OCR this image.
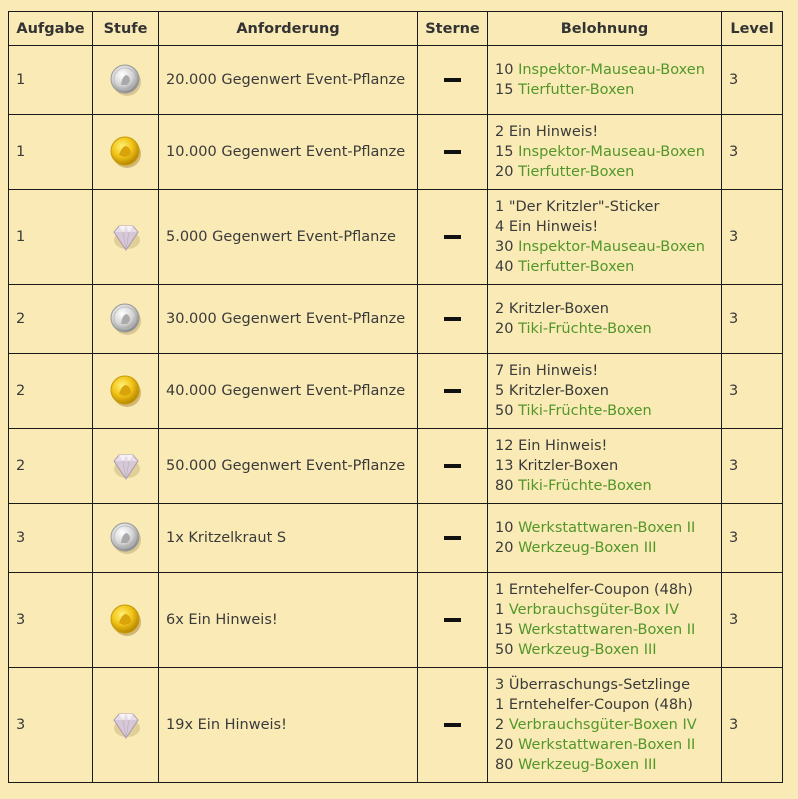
Aufgabe	Stufe	Anforderung	Sterne	Belohnung	Level
1		20.000 Gegenwert Event-Pflanze		10 Inspektor-Mauseau-Boxen
15 Tierfutter-Boxen	3
1		10.000 Gegenwert Event-Pflanze		2 Ein Hinweis!
15 Inspektor-Mauseau-Boxen
20 Tierfutter-Boxen	3
1		5.000 Gegenwert Event-Pflanze		1 "Der Kritzler"-Sticker
4 Ein Hinweis!
30 Inspektor-Mauseau-Boxen
40 Tierfutter-Boxen	3
2		30.000 Gegenwert Event-Pflanze		2 Kritzler-Boxen
20 Tiki-Früchte-Boxen	3
2		40.000 Gegenwert Event-Pflanze		7 Ein Hinweis!
5 Kritzler-Boxen
50 Tiki-Früchte-Boxen	3
2		50.000 Gegenwert Event-Pflanze		12 Ein Hinweis!
13 Kritzler-Boxen
80 Tiki-Früchte-Boxen	3
3		1x Kritzelkraut S		10 Werkstattwaren-Boxen II
20 Werkzeug-Boxen III	3
3		6x Ein Hinweis!		1 Erntehelfer-Coupon (48h)
1 Verbrauchsgüter-Box IV
15 Werkstattwaren-Boxen II
50 Werkzeug-Boxen III	3
3		19x Ein Hinweis!		3 Überraschungs-Setzlinge
1 Erntehelfer-Coupon (48h)
2 Verbrauchsgüter-Boxen IV
20 Werkstattwaren-Boxen II
80 Werkzeug-Boxen III	3
